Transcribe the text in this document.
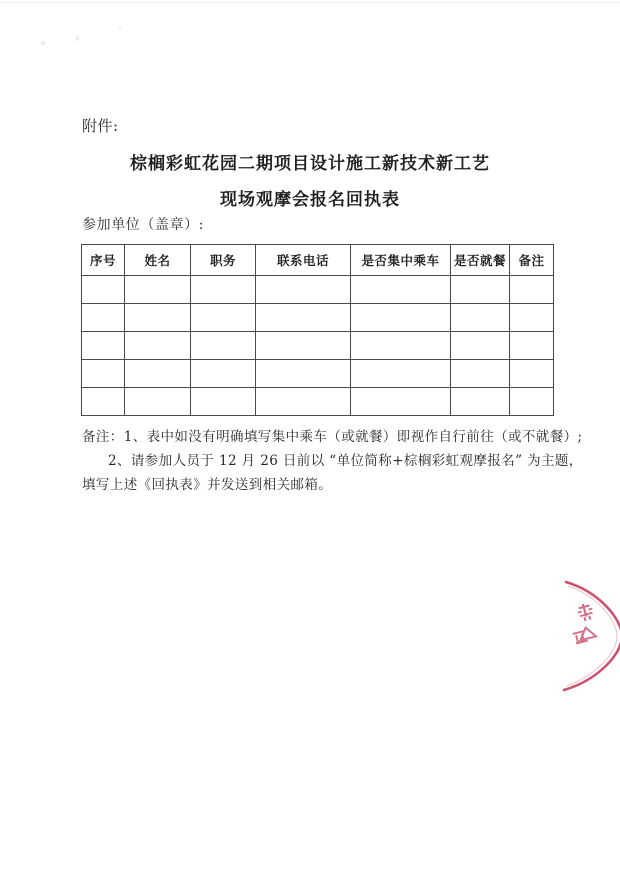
附件:
棕榈彩虹花园二期项目设计施工新技术新工艺
现场观摩会报名回执表
参加单位（盖章）:
序号	姓名	职务	联系电话	是否集中乘车	是否就餐	备注

备注：1、表中如没有明确填写集中乘车（或就餐）即视作自行前往（或不就餐）;
2、请参加人员于 12 月 26 日前以 “单位简称+棕榈彩虹观摩报名” 为主题，
填写上述《回执表》并发送到相关邮箱。
